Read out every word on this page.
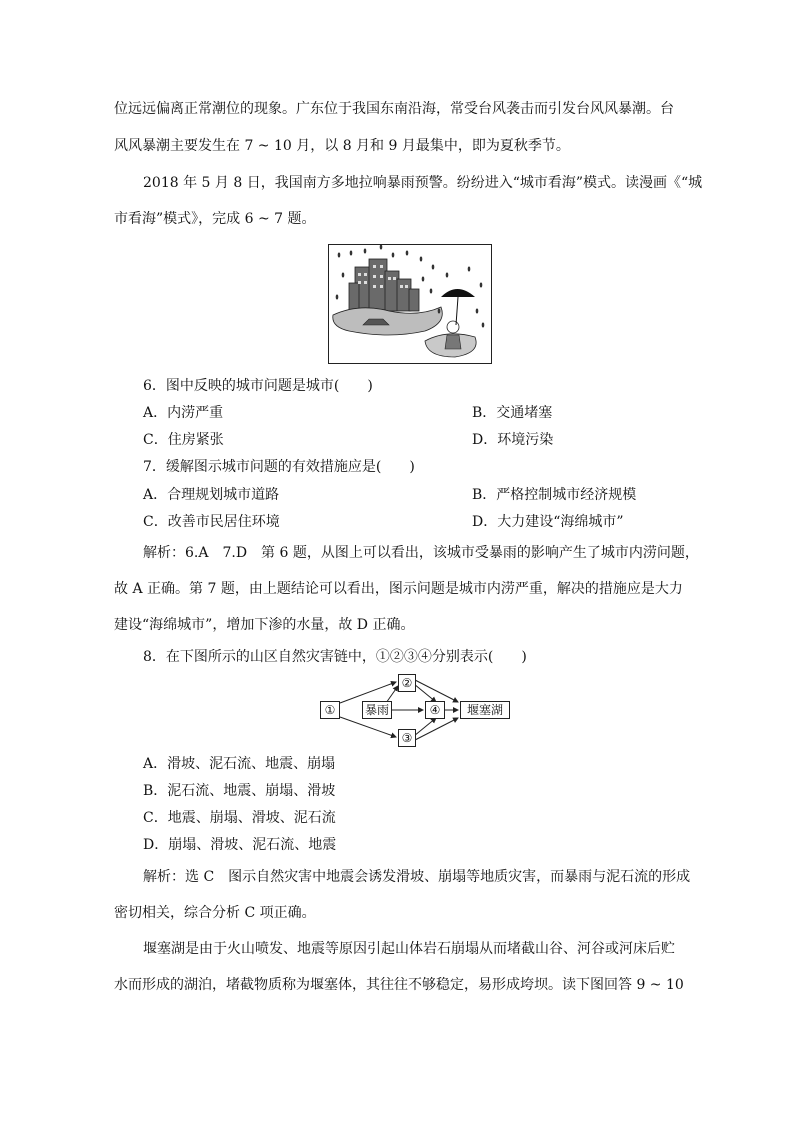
位远远偏离正常潮位的现象。广东位于我国东南沿海，常受台风袭击而引发台风风暴潮。台
风风暴潮主要发生在 7 ~ 10 月，以 8 月和 9 月最集中，即为夏秋季节。
2018 年 5 月 8 日，我国南方多地拉响暴雨预警。纷纷进入“城市看海”模式。读漫画《“城
市看海”模式》，完成 6 ~ 7 题。
6．图中反映的城市问题是城市(　　)
A．内涝严重	B．交通堵塞
C．住房紧张	D．环境污染
7．缓解图示城市问题的有效措施应是(　　)
A．合理规划城市道路	B．严格控制城市经济规模
C．改善市民居住环境	D．大力建设“海绵城市”
解析：6.A　7.D　第 6 题，从图上可以看出，该城市受暴雨的影响产生了城市内涝问题，
故 A 正确。第 7 题，由上题结论可以看出，图示问题是城市内涝严重，解决的措施应是大力
建设“海绵城市”，增加下渗的水量，故 D 正确。
8．在下图所示的山区自然灾害链中，①②③④分别表示(　　)
①	暴雨
②
③
④	堰塞湖
A．滑坡、泥石流、地震、崩塌
B．泥石流、地震、崩塌、滑坡
C．地震、崩塌、滑坡、泥石流
D．崩塌、滑坡、泥石流、地震
解析：选 C　图示自然灾害中地震会诱发滑坡、崩塌等地质灾害，而暴雨与泥石流的形成
密切相关，综合分析 C 项正确。
堰塞湖是由于火山喷发、地震等原因引起山体岩石崩塌从而堵截山谷、河谷或河床后贮
水而形成的湖泊，堵截物质称为堰塞体，其往往不够稳定，易形成垮坝。读下图回答 9 ~ 10
